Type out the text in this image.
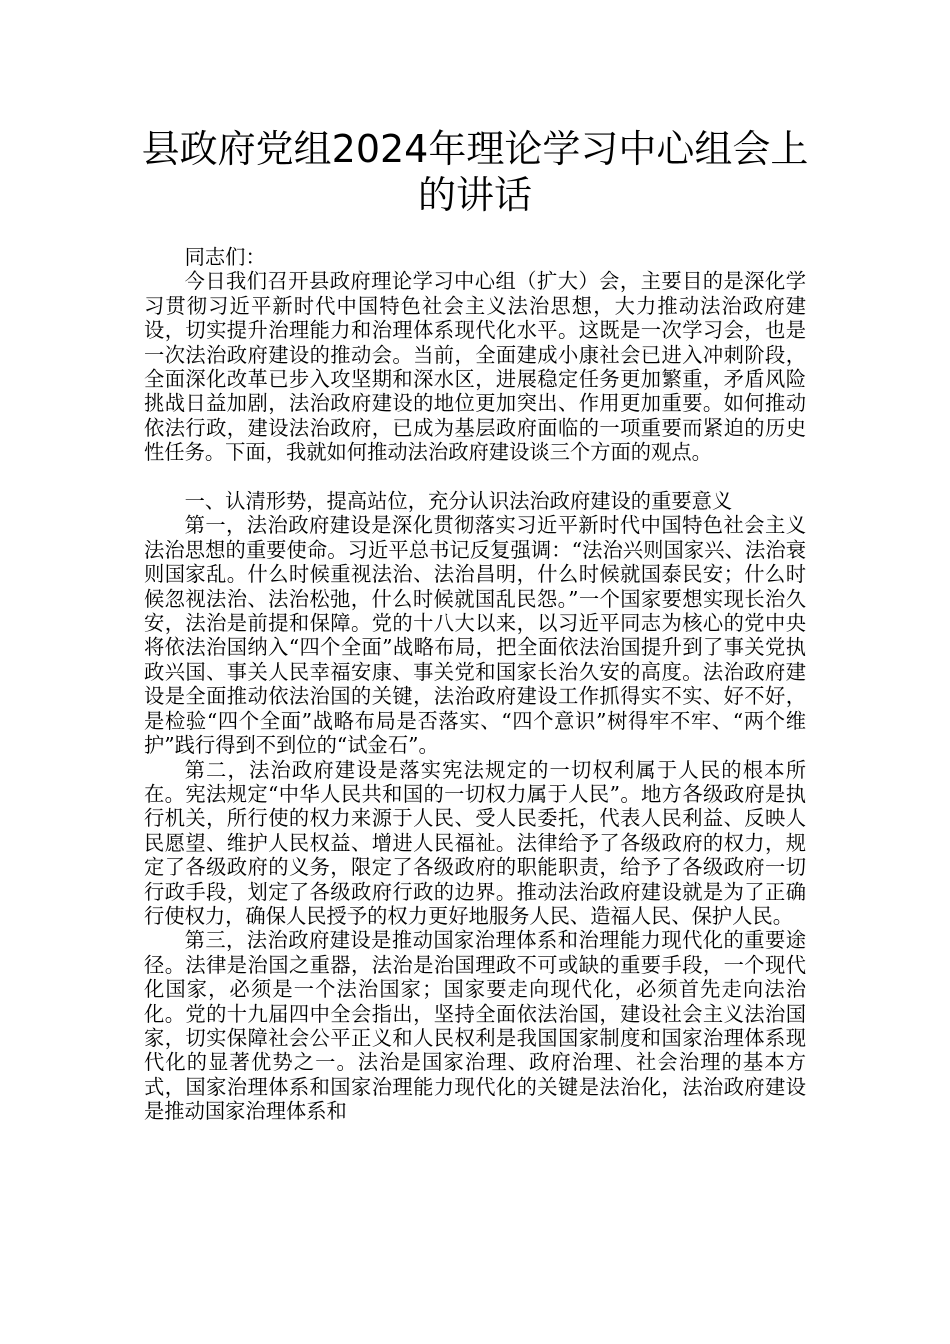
县政府党组2024年理论学习中心组会上的讲话

同志们：

今日我们召开县政府理论学习中心组（扩大）会，主要目的是深化学习贯彻习近平新时代中国特色社会主义法治思想，大力推动法治政府建设，切实提升治理能力和治理体系现代化水平。这既是一次学习会，也是一次法治政府建设的推动会。当前，全面建成小康社会已进入冲刺阶段，全面深化改革已步入攻坚期和深水区，进展稳定任务更加繁重，矛盾风险挑战日益加剧，法治政府建设的地位更加突出、作用更加重要。如何推动依法行政，建设法治政府，已成为基层政府面临的一项重要而紧迫的历史性任务。下面，我就如何推动法治政府建设谈三个方面的观点。

一、认清形势，提高站位，充分认识法治政府建设的重要意义

第一，法治政府建设是深化贯彻落实习近平新时代中国特色社会主义法治思想的重要使命。习近平总书记反复强调：“法治兴则国家兴、法治衰则国家乱。什么时候重视法治、法治昌明，什么时候就国泰民安；什么时候忽视法治、法治松弛，什么时候就国乱民怨。”一个国家要想实现长治久安，法治是前提和保障。党的十八大以来，以习近平同志为核心的党中央将依法治国纳入“四个全面”战略布局，把全面依法治国提升到了事关党执政兴国、事关人民幸福安康、事关党和国家长治久安的高度。法治政府建设是全面推动依法治国的关键，法治政府建设工作抓得实不实、好不好，是检验“四个全面”战略布局是否落实、“四个意识”树得牢不牢、“两个维护”践行得到不到位的“试金石”。

第二，法治政府建设是落实宪法规定的一切权利属于人民的根本所在。宪法规定“中华人民共和国的一切权力属于人民”。地方各级政府是执行机关，所行使的权力来源于人民、受人民委托，代表人民利益、反映人民愿望、维护人民权益、增进人民福祉。法律给予了各级政府的权力，规定了各级政府的义务，限定了各级政府的职能职责，给予了各级政府一切行政手段，划定了各级政府行政的边界。推动法治政府建设就是为了正确行使权力，确保人民授予的权力更好地服务人民、造福人民、保护人民。

第三，法治政府建设是推动国家治理体系和治理能力现代化的重要途径。法律是治国之重器，法治是治国理政不可或缺的重要手段，一个现代化国家，必须是一个法治国家；国家要走向现代化，必须首先走向法治化。党的十九届四中全会指出，坚持全面依法治国，建设社会主义法治国家，切实保障社会公平正义和人民权利是我国国家制度和国家治理体系现代化的显著优势之一。法治是国家治理、政府治理、社会治理的基本方式，国家治理体系和国家治理能力现代化的关键是法治化，法治政府建设是推动国家治理体系和
